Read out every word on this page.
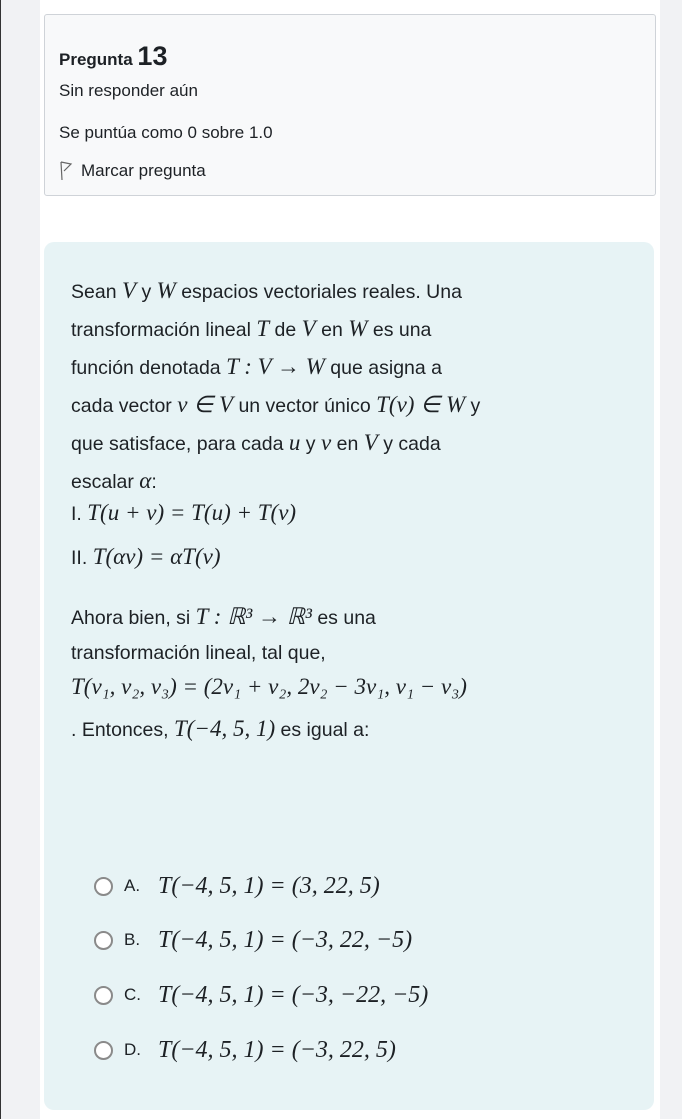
Pregunta 13
Sin responder aún
Se puntúa como 0 sobre 1.0
Marcar pregunta
Sean V y W espacios vectoriales reales. Una
transformación lineal T de V en W es una
función denotada T : V → W que asigna a
cada vector v ∈ V un vector único T(v) ∈ W y
que satisface, para cada u y v en V y cada
escalar α:
I. T(u + v) = T(u) + T(v)
II. T(αv) = αT(v)
Ahora bien, si T : ℝ³ → ℝ³ es una
transformación lineal, tal que,
T(v₁, v₂, v₃) = (2v₁ + v₂, 2v₂ − 3v₁, v₁ − v₃)
. Entonces, T(−4, 5, 1) es igual a:
A. T(−4, 5, 1) = (3, 22, 5)
B. T(−4, 5, 1) = (−3, 22, −5)
C. T(−4, 5, 1) = (−3, −22, −5)
D. T(−4, 5, 1) = (−3, 22, 5)
